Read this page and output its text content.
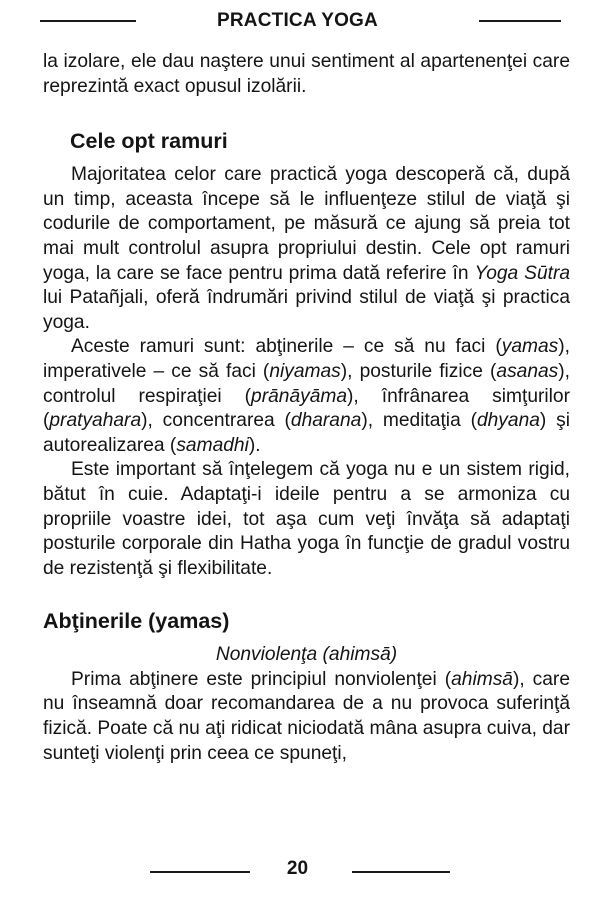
PRACTICA YOGA

la izolare, ele dau naştere unui sentiment al apartenenţei care reprezintă exact opusul izolării.

Cele opt ramuri

Majoritatea celor care practică yoga descoperă că, după un timp, aceasta începe să le influenţeze stilul de viaţă şi codurile de comportament, pe măsură ce ajung să preia tot mai mult controlul asupra propriului destin. Cele opt ramuri yoga, la care se face pentru prima dată referire în Yoga Sūtra lui Patañjali, oferă îndrumări privind stilul de viaţă şi practica yoga.

Aceste ramuri sunt: abţinerile – ce să nu faci (yamas), imperativele – ce să faci (niyamas), posturile fizice (asanas), controlul respiraţiei (prānāyāma), înfrânarea simţurilor (pratyahara), concentrarea (dharana), meditaţia (dhyana) şi autorealizarea (samadhi).

Este important să înţelegem că yoga nu e un sistem rigid, bătut în cuie. Adaptaţi-i ideile pentru a se armoniza cu propriile voastre idei, tot aşa cum veţi învăţa să adaptaţi posturile corporale din Hatha yoga în funcţie de gradul vostru de rezistenţă şi flexibilitate.

Abţinerile (yamas)

Nonviolenţa (ahimsā)

Prima abţinere este principiul nonviolenţei (ahimsā), care nu înseamnă doar recomandarea de a nu provoca suferinţă fizică. Poate că nu aţi ridicat niciodată mâna asupra cuiva, dar sunteţi violenţi prin ceea ce spuneţi,

20
